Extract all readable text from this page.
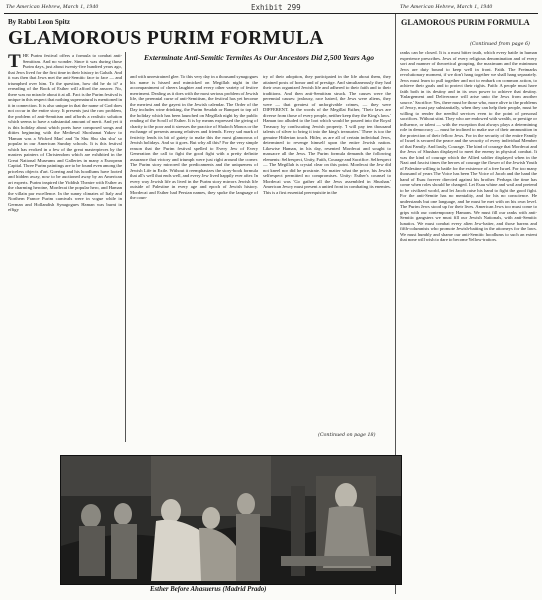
The American Hebrew, March 1, 1940	Exhibit 299	The American Hebrew, March 1, 1940
By Rabbi Leon Spitz
GLAMOROUS PURIM FORMULA
Exterminate Anti-Semitic Termites As Our Ancestors Did 2,500 Years Ago
THE Purim festival offers a formula to combat anti-Semitism. And no wonder. Since it was during those Purim days, just about twenty-five hundred years ago, that Jews lived for the first time in their history in Galuth. And it was then that Jews met the anti-Semitic face to face — and triumphed over him. To the question, how did he do it? a rereading of the Book of Esther will afford the answer. No, there was no miracle about it at all. Fact is the Purim festival is unique in this respect that nothing supernatural is mentioned in it in connection. It is also unique in that the name of God does not occur in the entire story. It presents just the raw problem, the problem of anti-Semitism and affords a realistic solution which seems to have a substantial amount of merit. And yet it is this holiday about which poets have composed songs and ditties beginning with the Medieval Shoshanat Yakov to 'Haman was a Wicked Man' and 'In Shu Shu shu shu' so popular in our American Sunday schools. It is this festival which has evoked in a few of the great masterpieces by the masters painters of Christendom which are exhibited in the Great National Museums and Galleries in many a European Capital. Three Purim paintings are to be found even among the priceless objects d'art. Goering and his hoodlums have looted and hidden away, now to be auctioned away by an American art experts. Purim inspired the Yiddish Theatre with Esther as the charming heroine, Mordecai the popular hero, and Haman the villain par excellence. In the sunny climates of Italy and Northern France Purim carnivals were in vogue while in German and Hollandish Synagogues Haman was burnt in effigy
and with unrestrained glee. To this very day in a thousand synagogues his name is hissed and mimicked on Megillah night in the accompaniment of cheers laughter and every other variety of festive merriment. Dealing as it does with the most serious problem of Jewish life, the perennial curse of anti-Semitism, the festival has yet become the merriest and the gayest in the Jewish calendar. The Order of the Day includes wine drinking, the Purim Seudah or Banquet to top off the holiday which has been launched on Megillah night by the public reading of the Scroll of Esther. It is by means expressed the giving of charity to the poor and it stresses the practice of Shaloch Monos or the exchange of presents among relatives and friends. Every sad mark of festivity lends its bit of gaiety to make this the most glamorous of Jewish holidays. And so it goes. But why all this? For the very simple reason that the Purim festival spelled to Every Jew of Every Generation the call to fight the good fight with a pretty definite assurance that victory and triumph were just right around the corner. The Purim story mirrored the predicaments and the uniqueness of Jewish Life in Exile. Without it reemphasizes the story-book formula that all's well that ends well, and every Jew lived happily ever after. In every way Jewish life as lived in the Purim story mirrors Jewish life outside of Palestine in every age and epoch of Jewish history. Mordecai and Esther had Persian names, they spoke the language of the coun-
try of their adoption, they participated in the life about them, they attained posts of honor and of prestige. And simultaneously they had their own organized Jewish life and adhered to their faith and to their traditions. And then anti-Semitism struck. The causes were the perennial causes: jealousy, race hatred, the Jews were aliens, they were — that greatest of unforgivable crimes, — they were DIFFERENT. In the words of the Megillat Esther, 'Their laws are diverse from those of every people, neither keep they the King's laws.' Haman too alluded to the loot which would be poured into the Royal Treasury by confiscating Jewish property. 'I will pay ten thousand talents of silver to bring it into the king's treasuries.' There is too the genuine Hitlerian touch. Hitler, as are all of certain individual Jews, determined to revenge himself upon the entire Jewish nation. Likewise Haman, in his day, resented Mordecai and sought to massacre all the Jews. The Purim formula demands the following elements: Selfrespect, Unity, Faith, Courage and Sacrifice. Selfrespect — The Megillah is crystal clear on this point. Mordecai the Jew did not kneel nor did he prostrate. No matter what the price, his Jewish selfrespect permitted no compromises. Unity: Esther's counsel to Mordecai was 'Go gather all the Jews assembled in Shushan.' American Jewry must present a united front in combating its enemies. This is a first essential prerequisite in the
(Continued on page 18)
GLAMOROUS PURIM FORMULA
(Continued from page 6)
ranks can be closed. It is a most bitter truth, which every battle in human experience prescribes. Jews of every religious denomination and of every sort and manner of theoretical grouping, the maximum and the minimum Jews are duty bound to keep well in front. Faith. The Freimarks revolutionary moment, if we don't hang together we shall hang separately. Jews must learn to pull together and not to embark on common action, to achieve their goals and to protect their rights. Faith: A people must have faith both in its destiny and in its own power to achieve that destiny. 'Enlargement and Deliverance will arise unto the Jews from another source.' Sacrifice: Yes, there must be those who, more alive to the problems of Jewry, must pay substantially, when they can help their people, must be willing to render the needful services even to the point of personal sacrifices. Without stint. They who are endowed with wealth, or prestige or influence, or talent — with the exception that always plays a determining role in democracy — must be inclined to make use of their ammunition in the protection of their fellow Jews. For in the security of the entire Family of Israel is secured the peace and the security of every individual Member of that Family. And lastly, Courage. The kind of courage that Mordecai and the Jews of Shushan displayed to meet the enemy in physical combat. It was the kind of courage which the Allied soldier displayed when in the Nazi and fascist times the heroes of courage the flower of the Jewish Youth of Palestine willing to battle for the existence of a free Israel. For too many thousand of years The Voice has been The Voice of Jacob and the hand the hand of Esau forever directed against his brother. Perhaps the time has come when roles should be changed. Let Esau whine and wail and pretend to be civilized world, and let Jacob raise his hand to fight the good fight. For the anti-Semite has no mentality, and for his no conscience. He understands but one language, and he must be met with on his own level. The Purim Jews stood up for their lives. American Jews too must come to grips with our contemporary Hamans. We must fill our ranks with anti-Semitic gangsters we must fill our Jewish Nationals, with anti-Semitic lunatics. We must combat every alien Jew-baiter, and those bareas and fifth-columnists who promote Jewish-baiting in the attorneys for the laws. We must humbly and shame our anti-Semitic hoodlums to such an extent that none will wish to dare to become Yellow-traitors.
Esther Before Ahasuerus (Madrid Prado)
